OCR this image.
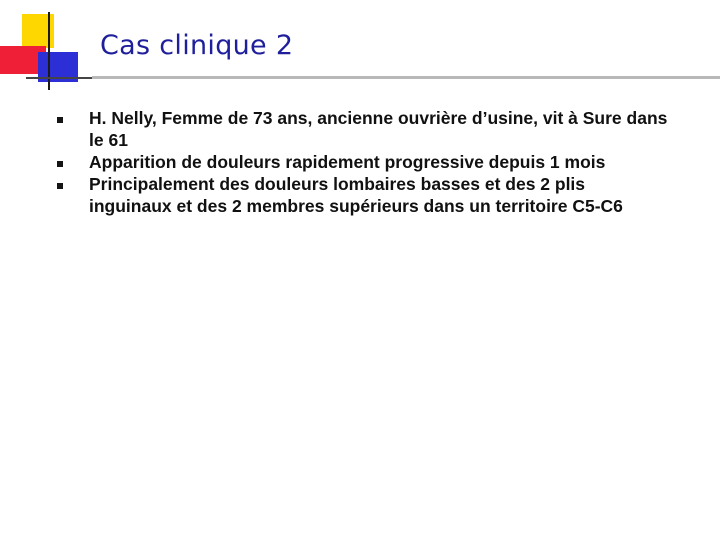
Cas clinique 2
H. Nelly, Femme de 73 ans, ancienne ouvrière d’usine, vit à Sure dans le 61
Apparition de douleurs rapidement progressive depuis 1 mois
Principalement des douleurs lombaires basses et des 2 plis inguinaux et des 2 membres supérieurs dans un territoire C5-C6
